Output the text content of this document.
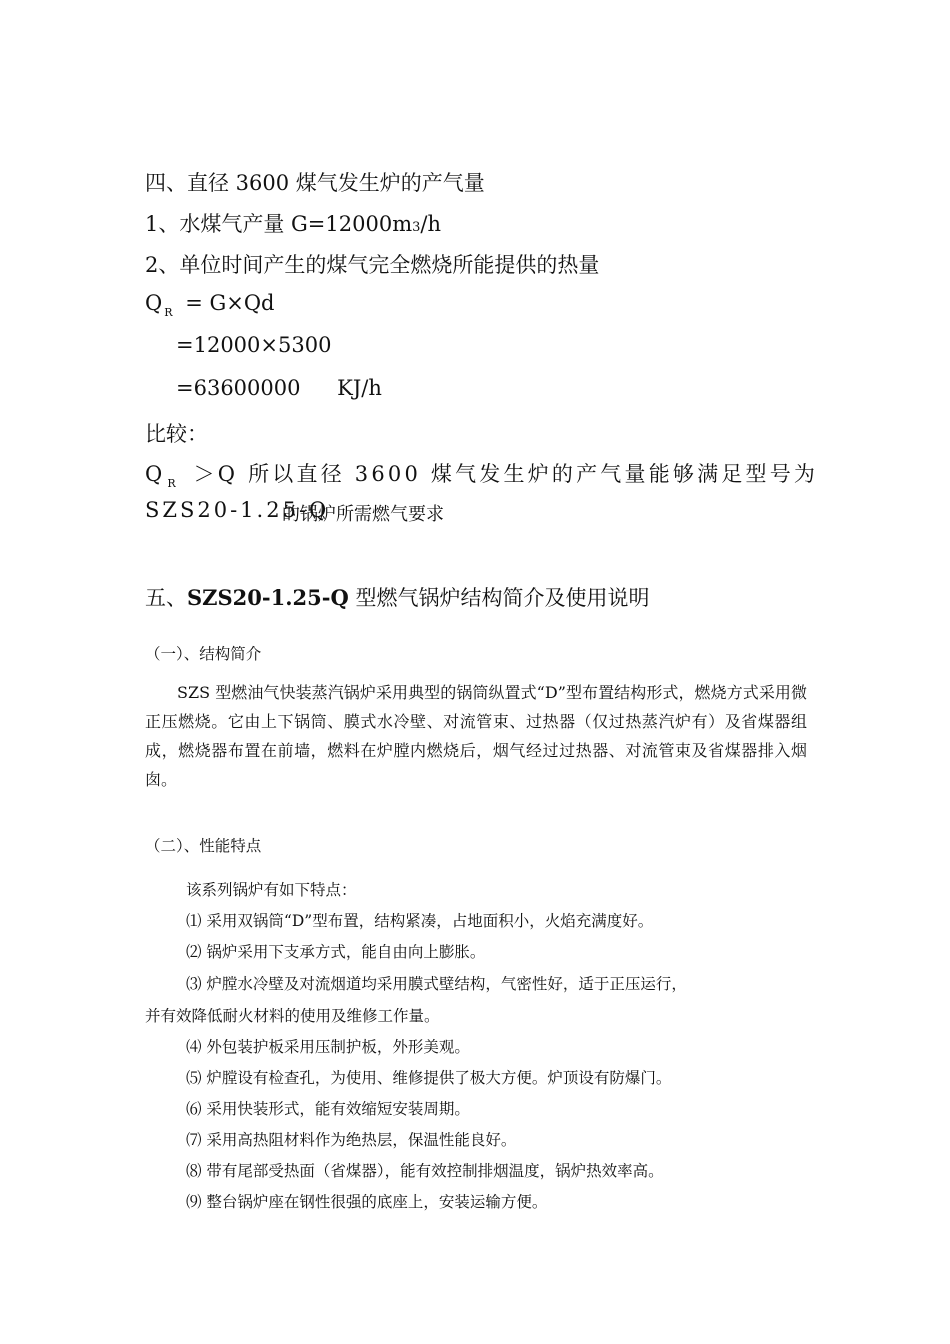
四、直径 3600 煤气发生炉的产气量
1、水煤气产量 G=12000m3/h
2、单位时间产生的煤气完全燃烧所能提供的热量
Q $_R$ = G×Qd
=12000×5300
=63600000 KJ/h
比较：
Q $_R$ ＞Q 所以直径 3600 煤气发生炉的产气量能够满足型号为
SZS20-1.25-Q
的锅炉所需燃气要求
五、SZS20-1.25-Q 型燃气锅炉结构简介及使用说明
（一）、结构简介
SZS 型燃油气快装蒸汽锅炉采用典型的锅筒纵置式“D”型布置结构形式，燃烧方式采用微正压燃烧。它由上下锅筒、膜式水冷壁、对流管束、过热器（仅过热蒸汽炉有）及省煤器组成，燃烧器布置在前墙，燃料在炉膛内燃烧后，烟气经过过热器、对流管束及省煤器排入烟囱。
（二）、性能特点
该系列锅炉有如下特点：
⑴ 采用双锅筒“D”型布置，结构紧凑，占地面积小，火焰充满度好。
⑵ 锅炉采用下支承方式，能自由向上膨胀。
⑶ 炉膛水冷壁及对流烟道均采用膜式壁结构，气密性好，适于正压运行，
并有效降低耐火材料的使用及维修工作量。
⑷ 外包装护板采用压制护板，外形美观。
⑸ 炉膛设有检查孔，为使用、维修提供了极大方便。炉顶设有防爆门。
⑹ 采用快装形式，能有效缩短安装周期。
⑺ 采用高热阻材料作为绝热层，保温性能良好。
⑻ 带有尾部受热面（省煤器），能有效控制排烟温度，锅炉热效率高。
⑼ 整台锅炉座在钢性很强的底座上，安装运输方便。
